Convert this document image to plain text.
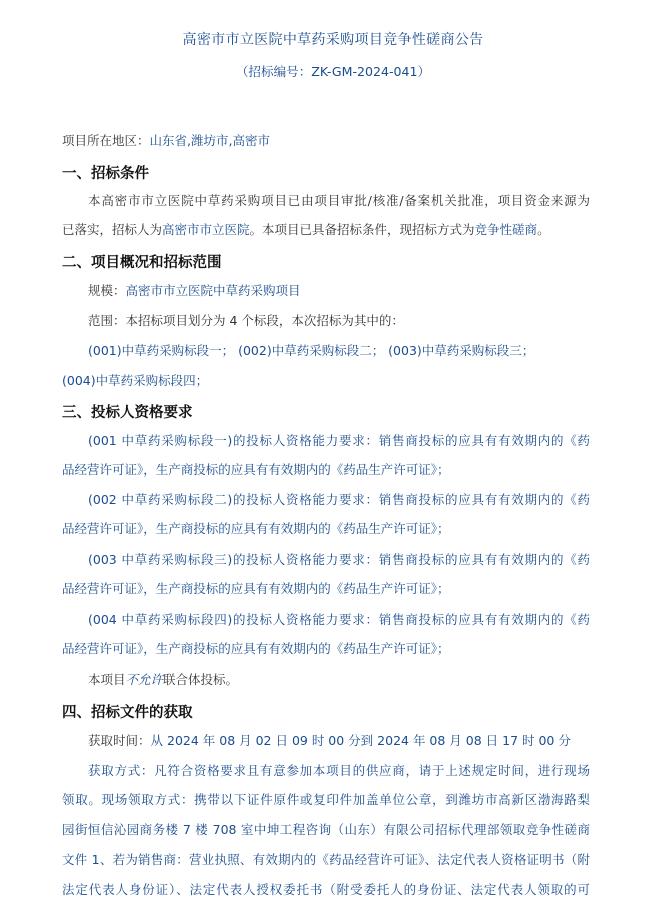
高密市市立医院中草药采购项目竞争性磋商公告
（招标编号：ZK-GM-2024-041）
项目所在地区：山东省,潍坊市,高密市
一、招标条件
本高密市市立医院中草药采购项目已由项目审批/核准/备案机关批准，项目资金来源为
已落实，招标人为高密市市立医院。本项目已具备招标条件，现招标方式为竞争性磋商。
二、项目概况和招标范围
规模：高密市市立医院中草药采购项目
范围：本招标项目划分为 4 个标段，本次招标为其中的：
(001)中草药采购标段一； (002)中草药采购标段二； (003)中草药采购标段三；
(004)中草药采购标段四；
三、投标人资格要求
(001 中草药采购标段一)的投标人资格能力要求：销售商投标的应具有有效期内的《药
品经营许可证》，生产商投标的应具有有效期内的《药品生产许可证》；
(002 中草药采购标段二)的投标人资格能力要求：销售商投标的应具有有效期内的《药
品经营许可证》，生产商投标的应具有有效期内的《药品生产许可证》；
(003 中草药采购标段三)的投标人资格能力要求：销售商投标的应具有有效期内的《药
品经营许可证》，生产商投标的应具有有效期内的《药品生产许可证》；
(004 中草药采购标段四)的投标人资格能力要求：销售商投标的应具有有效期内的《药
品经营许可证》，生产商投标的应具有有效期内的《药品生产许可证》；
本项目不允许联合体投标。
四、招标文件的获取
获取时间：从 2024 年 08 月 02 日 09 时 00 分到 2024 年 08 月 08 日 17 时 00 分
获取方式：凡符合资格要求且有意参加本项目的供应商，请于上述规定时间，进行现场
领取。现场领取方式：携带以下证件原件或复印件加盖单位公章，到潍坊市高新区渤海路梨
园街恒信沁园商务楼 7 楼 708 室中坤工程咨询（山东）有限公司招标代理部领取竞争性磋商
文件 1、若为销售商：营业执照、有效期内的《药品经营许可证》、法定代表人资格证明书（附
法定代表人身份证）、法定代表人授权委托书（附受委托人的身份证、法定代表人领取的可
